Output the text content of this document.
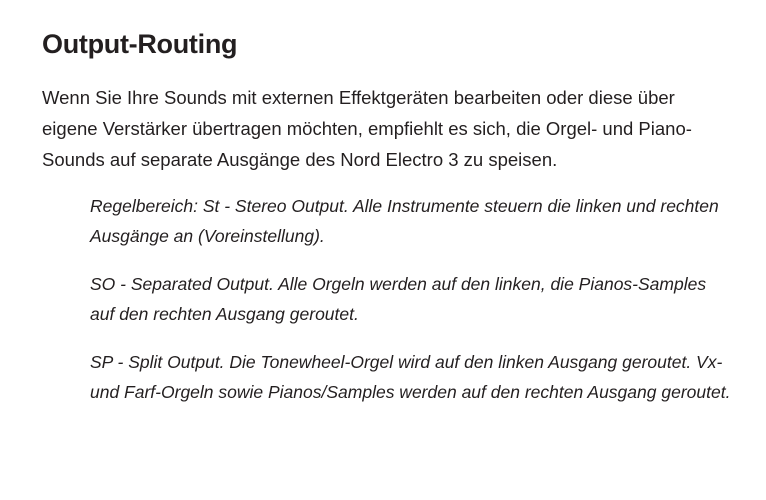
Output-Routing

Wenn Sie Ihre Sounds mit externen Effektgeräten bearbeiten oder diese über eigene Verstärker übertragen möchten, empfiehlt es sich, die Orgel- und Piano-Sounds auf separate Ausgänge des Nord Electro 3 zu speisen.

Regelbereich: St - Stereo Output. Alle Instrumente steuern die linken und rechten Ausgänge an (Voreinstellung).

SO - Separated Output. Alle Orgeln werden auf den linken, die Pianos-Samples auf den rechten Ausgang geroutet.

SP - Split Output. Die Tonewheel-Orgel wird auf den linken Ausgang geroutet. Vx- und Farf-Orgeln sowie Pianos/Samples werden auf den rechten Ausgang geroutet.
